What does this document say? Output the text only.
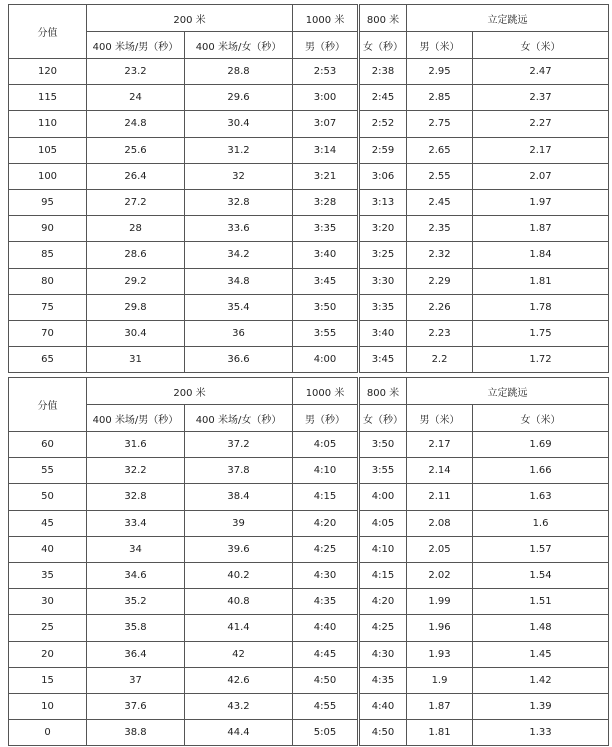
分值	200 米		1000 米	800 米	立定跳远	
	400 米场/男（秒）	400 米场/女（秒）	男（秒）	女（秒）	男（米）	女（米）
120	23.2	28.8	2:53	2:38	2.95	2.47
115	24	29.6	3:00	2:45	2.85	2.37
110	24.8	30.4	3:07	2:52	2.75	2.27
105	25.6	31.2	3:14	2:59	2.65	2.17
100	26.4	32	3:21	3:06	2.55	2.07
95	27.2	32.8	3:28	3:13	2.45	1.97
90	28	33.6	3:35	3:20	2.35	1.87
85	28.6	34.2	3:40	3:25	2.32	1.84
80	29.2	34.8	3:45	3:30	2.29	1.81
75	29.8	35.4	3:50	3:35	2.26	1.78
70	30.4	36	3:55	3:40	2.23	1.75
65	31	36.6	4:00	3:45	2.2	1.72
分值	200 米		1000 米	800 米	立定跳远	
	400 米场/男（秒）	400 米场/女（秒）	男（秒）	女（秒）	男（米）	女（米）
60	31.6	37.2	4:05	3:50	2.17	1.69
55	32.2	37.8	4:10	3:55	2.14	1.66
50	32.8	38.4	4:15	4:00	2.11	1.63
45	33.4	39	4:20	4:05	2.08	1.6
40	34	39.6	4:25	4:10	2.05	1.57
35	34.6	40.2	4:30	4:15	2.02	1.54
30	35.2	40.8	4:35	4:20	1.99	1.51
25	35.8	41.4	4:40	4:25	1.96	1.48
20	36.4	42	4:45	4:30	1.93	1.45
15	37	42.6	4:50	4:35	1.9	1.42
10	37.6	43.2	4:55	4:40	1.87	1.39
0	38.8	44.4	5:05	4:50	1.81	1.33
